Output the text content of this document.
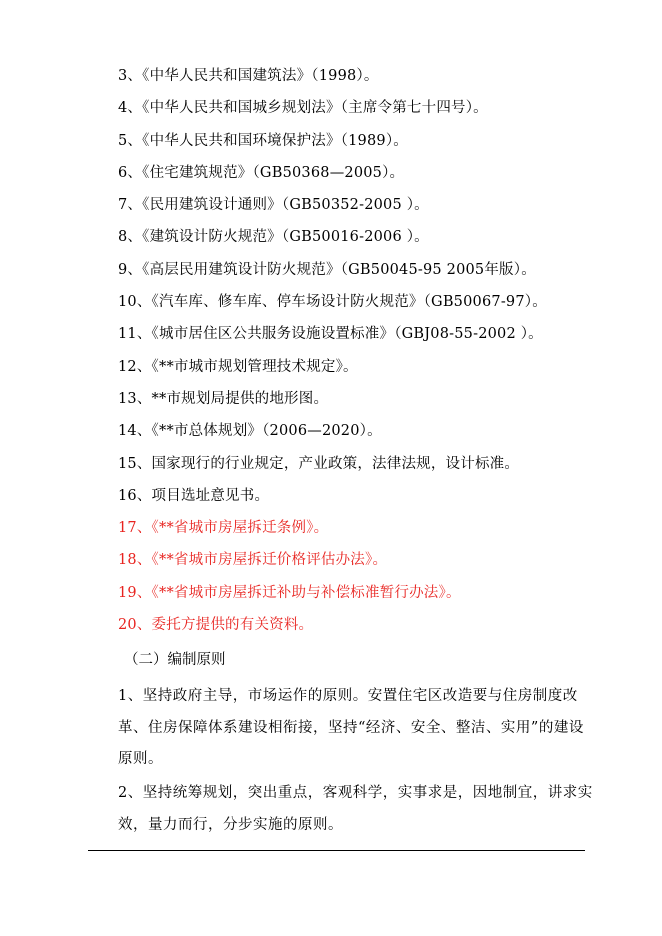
3、《中华人民共和国建筑法》（1998）。
4、《中华人民共和国城乡规划法》（主席令第七十四号）。
5、《中华人民共和国环境保护法》（1989）。
6、《住宅建筑规范》（GB50368—2005）。
7、《民用建筑设计通则》（GB50352-2005 ）。
8、《建筑设计防火规范》（GB50016-2006 ）。
9、《高层民用建筑设计防火规范》（GB50045-95 2005年版）。
10、《汽车库、修车库、停车场设计防火规范》（GB50067-97）。
11、《城市居住区公共服务设施设置标准》（GBJ08-55-2002 ）。
12、《**市城市规划管理技术规定》。
13、**市规划局提供的地形图。
14、《**市总体规划》（2006—2020）。
15、国家现行的行业规定，产业政策，法律法规，设计标准。
16、项目选址意见书。
17、《**省城市房屋拆迁条例》。
18、《**省城市房屋拆迁价格评估办法》。
19、《**省城市房屋拆迁补助与补偿标准暂行办法》。
20、委托方提供的有关资料。
（二）编制原则
1、坚持政府主导，市场运作的原则。安置住宅区改造要与住房制度改革、住房保障体系建设相衔接，坚持“经济、安全、整洁、实用”的建设原则。
2、坚持统筹规划，突出重点，客观科学，实事求是，因地制宜，讲求实效，量力而行，分步实施的原则。
